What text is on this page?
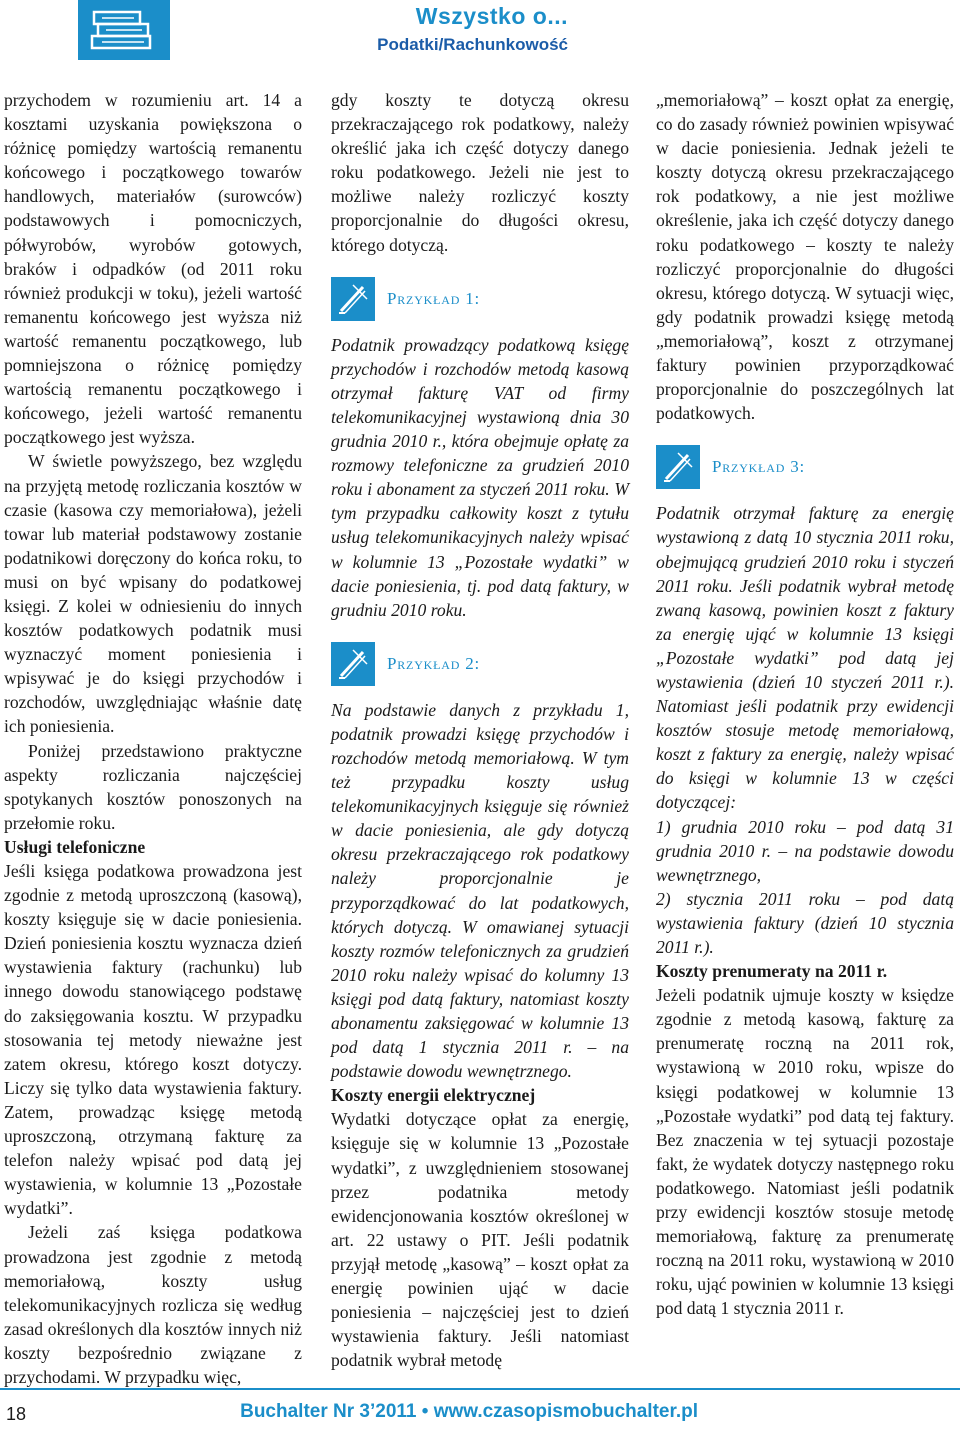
Wszystko o...
Podatki/Rachunkowość

przychodem w rozumieniu art. 14 a kosztami uzyskania powiększona o różnicę pomiędzy wartością remanentu końcowego i początkowego towarów handlowych, materiałów (surowców) podstawowych i pomocniczych, półwyrobów, wyrobów gotowych, braków i odpadków (od 2011 roku również produkcji w toku), jeżeli wartość remanentu końcowego jest wyższa niż wartość remanentu początkowego, lub pomniejszona o różnicę pomiędzy wartością remanentu początkowego i końcowego, jeżeli wartość remanentu początkowego jest wyższa.

W świetle powyższego, bez względu na przyjętą metodę rozliczania kosztów w czasie (kasowa czy memoriałowa), jeżeli towar lub materiał podstawowy zostanie podatnikowi doręczony do końca roku, to musi on być wpisany do podatkowej księgi. Z kolei w odniesieniu do innych kosztów podatkowych podatnik musi wyznaczyć moment poniesienia i wpisywać je do księgi przychodów i rozchodów, uwzględniając właśnie datę ich poniesienia.

Poniżej przedstawiono praktyczne aspekty rozliczania najczęściej spotykanych kosztów ponoszonych na przełomie roku.

Usługi telefoniczne

Jeśli księga podatkowa prowadzona jest zgodnie z metodą uproszczoną (kasową), koszty księguje się w dacie poniesienia. Dzień poniesienia kosztu wyznacza dzień wystawienia faktury (rachunku) lub innego dowodu stanowiącego podstawę do zaksięgowania kosztu. W przypadku stosowania tej metody nieważne jest zatem okresu, którego koszt dotyczy. Liczy się tylko data wystawienia faktury. Zatem, prowadząc księgę metodą uproszczoną, otrzymaną fakturę za telefon należy wpisać pod datą jej wystawienia, w kolumnie 13 „Pozostałe wydatki”.

Jeżeli zaś księga podatkowa prowadzona jest zgodnie z metodą memoriałową, koszty usług telekomunikacyjnych rozlicza się według zasad określonych dla kosztów innych niż koszty bezpośrednio związane z przychodami. W przypadku więc,

gdy koszty te dotyczą okresu przekraczającego rok podatkowy, należy określić jaka ich część dotyczy danego roku podatkowego. Jeżeli nie jest to możliwe należy rozliczyć koszty proporcjonalnie do długości okresu, którego dotyczą.

Przykład 1:

Podatnik prowadzący podatkową księgę przychodów i rozchodów metodą kasową otrzymał fakturę VAT od firmy telekomunikacyjnej wystawioną dnia 30 grudnia 2010 r., która obejmuje opłatę za rozmowy telefoniczne za grudzień 2010 roku i abonament za styczeń 2011 roku. W tym przypadku całkowity koszt z tytułu usług telekomunikacyjnych należy wpisać w kolumnie 13 „Pozostałe wydatki” w dacie poniesienia, tj. pod datą faktury, w grudniu 2010 roku.

Przykład 2:

Na podstawie danych z przykładu 1, podatnik prowadzi księgę przychodów i rozchodów metodą memoriałową. W tym też przypadku koszty usług telekomunikacyjnych księguje się również w dacie poniesienia, ale gdy dotyczą okresu przekraczającego rok podatkowy należy proporcjonalnie je przyporządkować do lat podatkowych, których dotyczą. W omawianej sytuacji koszty rozmów telefonicznych za grudzień 2010 roku należy wpisać do kolumny 13 księgi pod datą faktury, natomiast koszty abonamentu zaksięgować w kolumnie 13 pod datą 1 stycznia 2011 r. – na podstawie dowodu wewnętrznego.

Koszty energii elektrycznej

Wydatki dotyczące opłat za energię, księguje się w kolumnie 13 „Pozostałe wydatki”, z uwzględnieniem stosowanej przez podatnika metody ewidencjonowania kosztów określonej w art. 22 ustawy o PIT. Jeśli podatnik przyjął metodę „kasową” – koszt opłat za energię powinien ująć w dacie poniesienia – najczęściej jest to dzień wystawienia faktury. Jeśli natomiast podatnik wybrał metodę

„memoriałową” – koszt opłat za energię, co do zasady również powinien wpisywać w dacie poniesienia. Jednak jeżeli te koszty dotyczą okresu przekraczającego rok podatkowy, a nie jest możliwe określenie, jaka ich część dotyczy danego roku podatkowego – koszty te należy rozliczyć proporcjonalnie do długości okresu, którego dotyczą. W sytuacji więc, gdy podatnik prowadzi księgę metodą „memoriałową”, koszt z otrzymanej faktury powinien przyporządkować proporcjonalnie do poszczególnych lat podatkowych.

Przykład 3:

Podatnik otrzymał fakturę za energię wystawioną z datą 10 stycznia 2011 roku, obejmującą grudzień 2010 roku i styczeń 2011 roku. Jeśli podatnik wybrał metodę zwaną kasową, powinien koszt z faktury za energię ująć w kolumnie 13 księgi „Pozostałe wydatki” pod datą jej wystawienia (dzień 10 styczeń 2011 r.). Natomiast jeśli podatnik przy ewidencji kosztów stosuje metodę memoriałową, koszt z faktury za energię, należy wpisać do księgi w kolumnie 13 w części dotyczącej:

1) grudnia 2010 roku – pod datą 31 grudnia 2010 r. – na podstawie dowodu wewnętrznego,

2) stycznia 2011 roku – pod datą wystawienia faktury (dzień 10 stycznia 2011 r.).

Koszty prenumeraty na 2011 r.

Jeżeli podatnik ujmuje koszty w księdze zgodnie z metodą kasową, fakturę za prenumeratę roczną na 2011 rok, wystawioną w 2010 roku, wpisze do księgi podatkowej w kolumnie 13 „Pozostałe wydatki” pod datą tej faktury. Bez znaczenia w tej sytuacji pozostaje fakt, że wydatek dotyczy następnego roku podatkowego. Natomiast jeśli podatnik przy ewidencji kosztów stosuje metodę memoriałową, fakturę za prenumeratę roczną na 2011 roku, wystawioną w 2010 roku, ująć powinien w kolumnie 13 księgi pod datą 1 stycznia 2011 r.

18	Buchalter Nr 3’2011 • www.czasopismobuchalter.pl
